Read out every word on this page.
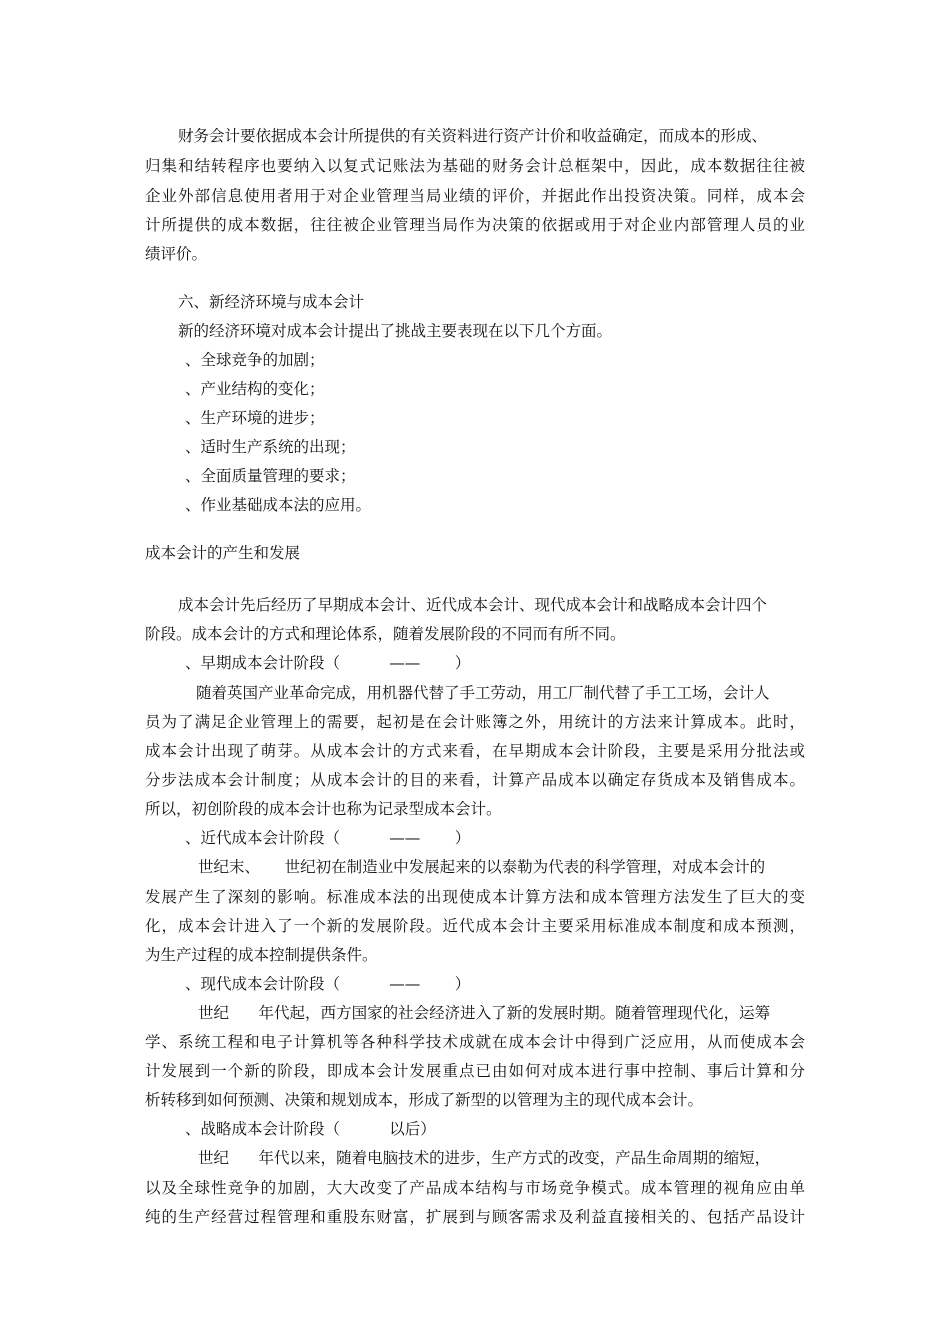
财务会计要依据成本会计所提供的有关资料进行资产计价和收益确定，而成本的形成、
归集和结转程序也要纳入以复式记账法为基础的财务会计总框架中，因此，成本数据往往被
企业外部信息使用者用于对企业管理当局业绩的评价，并据此作出投资决策。同样，成本会
计所提供的成本数据，往往被企业管理当局作为决策的依据或用于对企业内部管理人员的业
绩评价。
六、新经济环境与成本会计
新的经济环境对成本会计提出了挑战主要表现在以下几个方面。
、全球竞争的加剧；
、产业结构的变化；
、生产环境的进步；
、适时生产系统的出现；
、全面质量管理的要求；
、作业基础成本法的应用。
成本会计的产生和发展
成本会计先后经历了早期成本会计、近代成本会计、现代成本会计和战略成本会计四个
阶段。成本会计的方式和理论体系，随着发展阶段的不同而有所不同。
、早期成本会计阶段（          ——       ）
随着英国产业革命完成，用机器代替了手工劳动，用工厂制代替了手工工场，会计人
员为了满足企业管理上的需要，起初是在会计账簿之外，用统计的方法来计算成本。此时，
成本会计出现了萌芽。从成本会计的方式来看，在早期成本会计阶段，主要是采用分批法或
分步法成本会计制度；从成本会计的目的来看，计算产品成本以确定存货成本及销售成本。
所以，初创阶段的成本会计也称为记录型成本会计。
、近代成本会计阶段（          ——       ）
世纪末、     世纪初在制造业中发展起来的以泰勒为代表的科学管理，对成本会计的
发展产生了深刻的影响。标准成本法的出现使成本计算方法和成本管理方法发生了巨大的变
化，成本会计进入了一个新的发展阶段。近代成本会计主要采用标准成本制度和成本预测，
为生产过程的成本控制提供条件。
、现代成本会计阶段（          ——       ）
世纪      年代起，西方国家的社会经济进入了新的发展时期。随着管理现代化，运筹
学、系统工程和电子计算机等各种科学技术成就在成本会计中得到广泛应用，从而使成本会
计发展到一个新的阶段，即成本会计发展重点已由如何对成本进行事中控制、事后计算和分
析转移到如何预测、决策和规划成本，形成了新型的以管理为主的现代成本会计。
、战略成本会计阶段（          以后）
世纪      年代以来，随着电脑技术的进步，生产方式的改变，产品生命周期的缩短，
以及全球性竞争的加剧，大大改变了产品成本结构与市场竞争模式。成本管理的视角应由单
纯的生产经营过程管理和重股东财富，扩展到与顾客需求及利益直接相关的、包括产品设计
